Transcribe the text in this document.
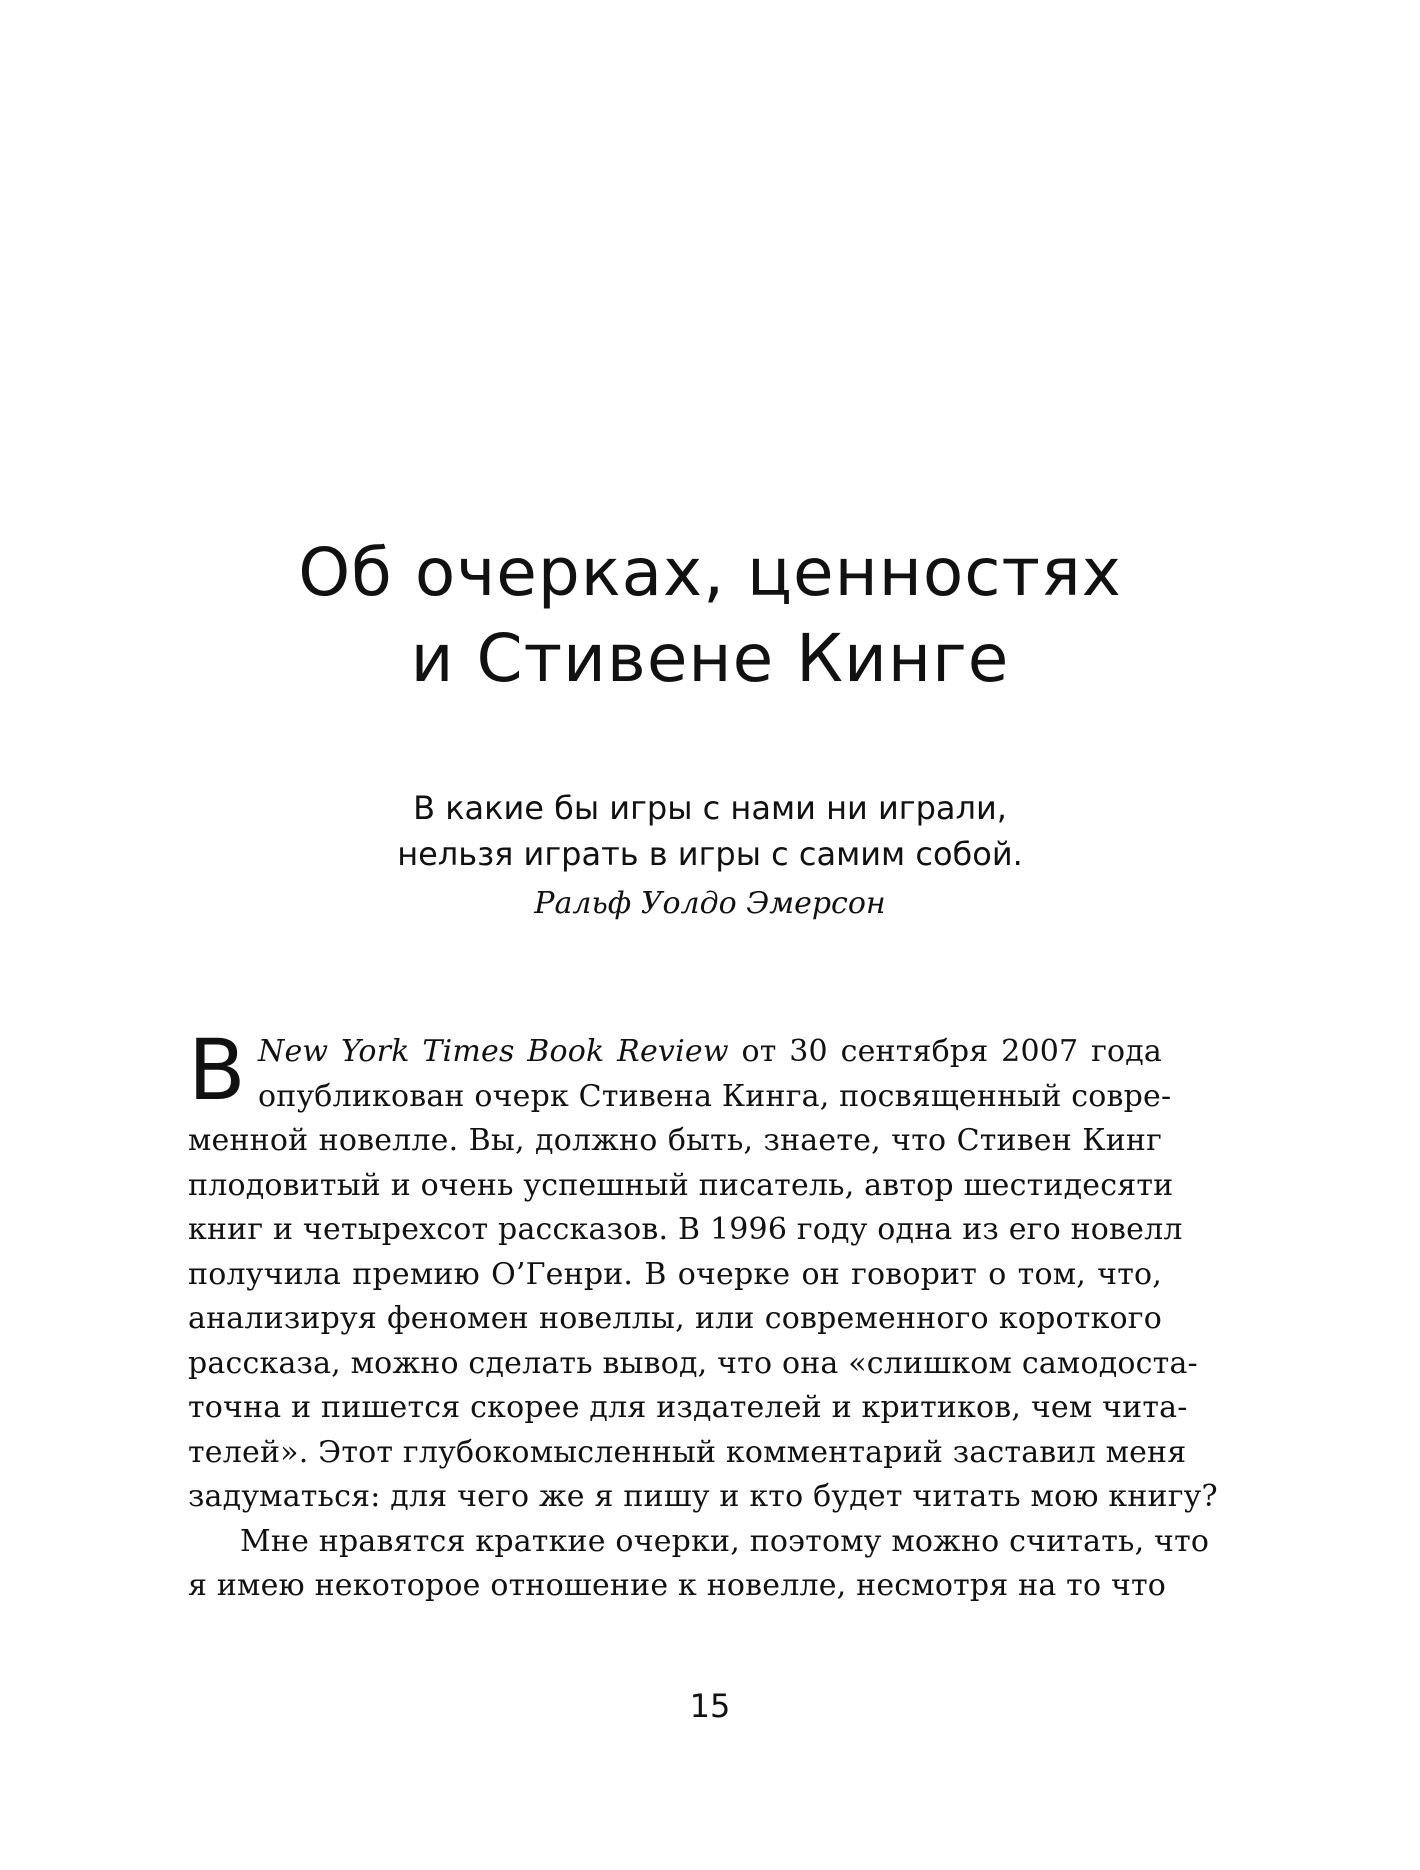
Об очерках, ценностях
и Стивене Кинге
В какие бы игры с нами ни играли,
нельзя играть в игры с самим собой.
Ральф Уолдо Эмерсон
В New York Times Book Review от 30 сентября 2007 года
опубликован очерк Стивена Кинга, посвященный совре-
менной новелле. Вы, должно быть, знаете, что Стивен Кинг
плодовитый и очень успешный писатель, автор шестидесяти
книг и четырехсот рассказов. В 1996 году одна из его новелл
получила премию О’Генри. В очерке он говорит о том, что,
анализируя феномен новеллы, или современного короткого
рассказа, можно сделать вывод, что она «слишком самодоста-
точна и пишется скорее для издателей и критиков, чем чита-
телей». Этот глубокомысленный комментарий заставил меня
задуматься: для чего же я пишу и кто будет читать мою книгу?
Мне нравятся краткие очерки, поэтому можно считать, что
я имею некоторое отношение к новелле, несмотря на то что
15
